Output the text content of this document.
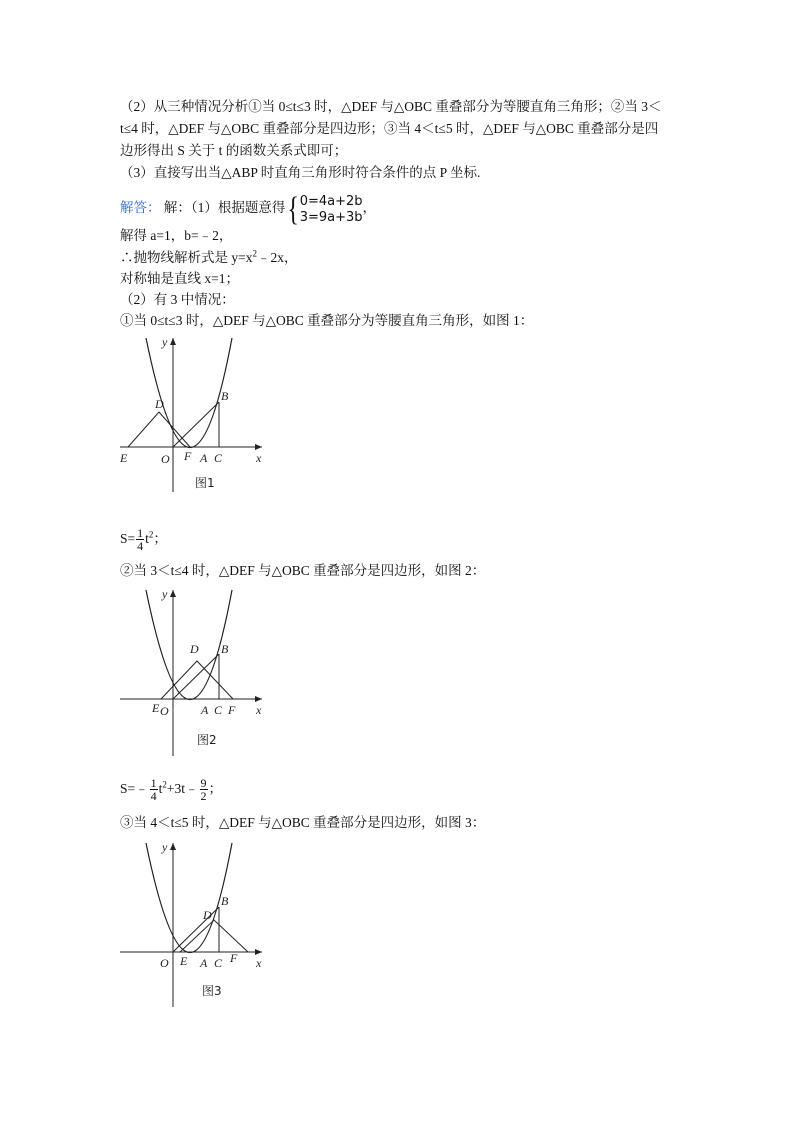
（2）从三种情况分析①当 0≤t≤3 时，△DEF 与△OBC 重叠部分为等腰直角三角形；②当 3＜
t≤4 时，△DEF 与△OBC 重叠部分是四边形；③当 4＜t≤5 时，△DEF 与△OBC 重叠部分是四
边形得出 S 关于 t 的函数关系式即可；
（3）直接写出当△ABP 时直角三角形时符合条件的点 P 坐标.
解答： 解：（1）根据题意得{ 0=4a+2b
3=9a+3b
，
解得 a=1，b=﹣2，
∴抛物线解析式是 $y=x^2﹣2x$，
对称轴是直线 x=1；
（2）有 3 中情况：
①当 0≤t≤3 时，△DEF 与△OBC 重叠部分为等腰直角三角形，如图 1：
y
x
D
B
E	O F A C
图1
$S= \frac{1}{4} t^2$；
②当 3＜t≤4 时，△DEF 与△OBC 重叠部分是四边形，如图 2：
y
x
D B
E O	A C F
图2
S=﹣ $\frac{1}{4}$ $t^2+3t﹣ \frac{9}{2}$ ；
③当 4＜t≤5 时，△DEF 与△OBC 重叠部分是四边形，如图 3：
y
x
D
B
O E A C F
图3
